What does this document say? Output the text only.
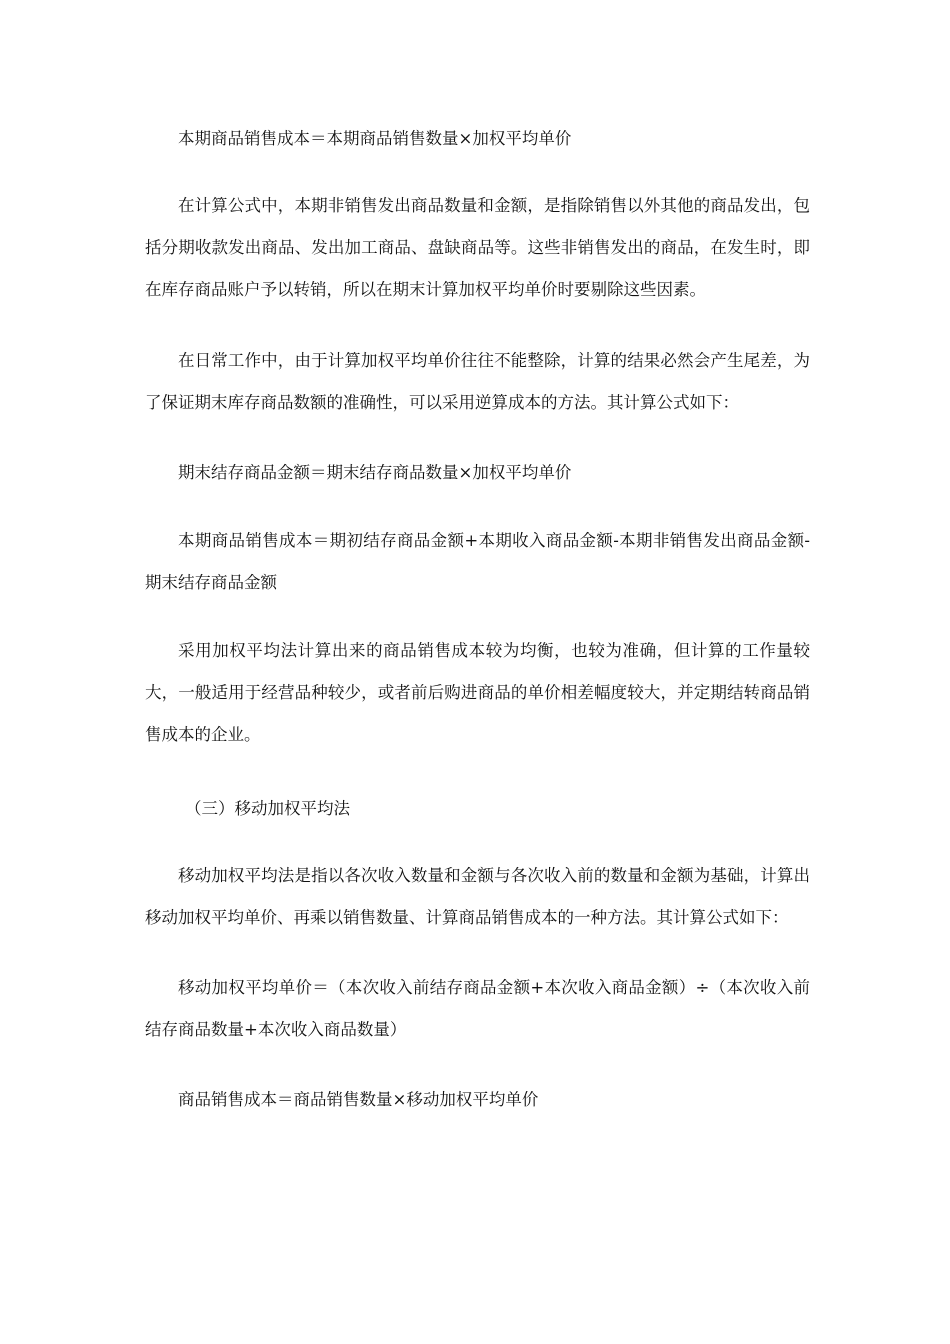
本期商品销售成本＝本期商品销售数量×加权平均单价

在计算公式中，本期非销售发出商品数量和金额，是指除销售以外其他的商品发出，包括分期收款发出商品、发出加工商品、盘缺商品等。这些非销售发出的商品，在发生时，即在库存商品账户予以转销，所以在期末计算加权平均单价时要剔除这些因素。

在日常工作中，由于计算加权平均单价往往不能整除，计算的结果必然会产生尾差，为了保证期末库存商品数额的准确性，可以采用逆算成本的方法。其计算公式如下：

期末结存商品金额＝期末结存商品数量×加权平均单价

本期商品销售成本＝期初结存商品金额+本期收入商品金额-本期非销售发出商品金额-期末结存商品金额

采用加权平均法计算出来的商品销售成本较为均衡，也较为准确，但计算的工作量较大，一般适用于经营品种较少，或者前后购进商品的单价相差幅度较大，并定期结转商品销售成本的企业。

（三）移动加权平均法

移动加权平均法是指以各次收入数量和金额与各次收入前的数量和金额为基础，计算出移动加权平均单价、再乘以销售数量、计算商品销售成本的一种方法。其计算公式如下：

移动加权平均单价＝（本次收入前结存商品金额+本次收入商品金额）÷（本次收入前结存商品数量+本次收入商品数量）

商品销售成本＝商品销售数量×移动加权平均单价
